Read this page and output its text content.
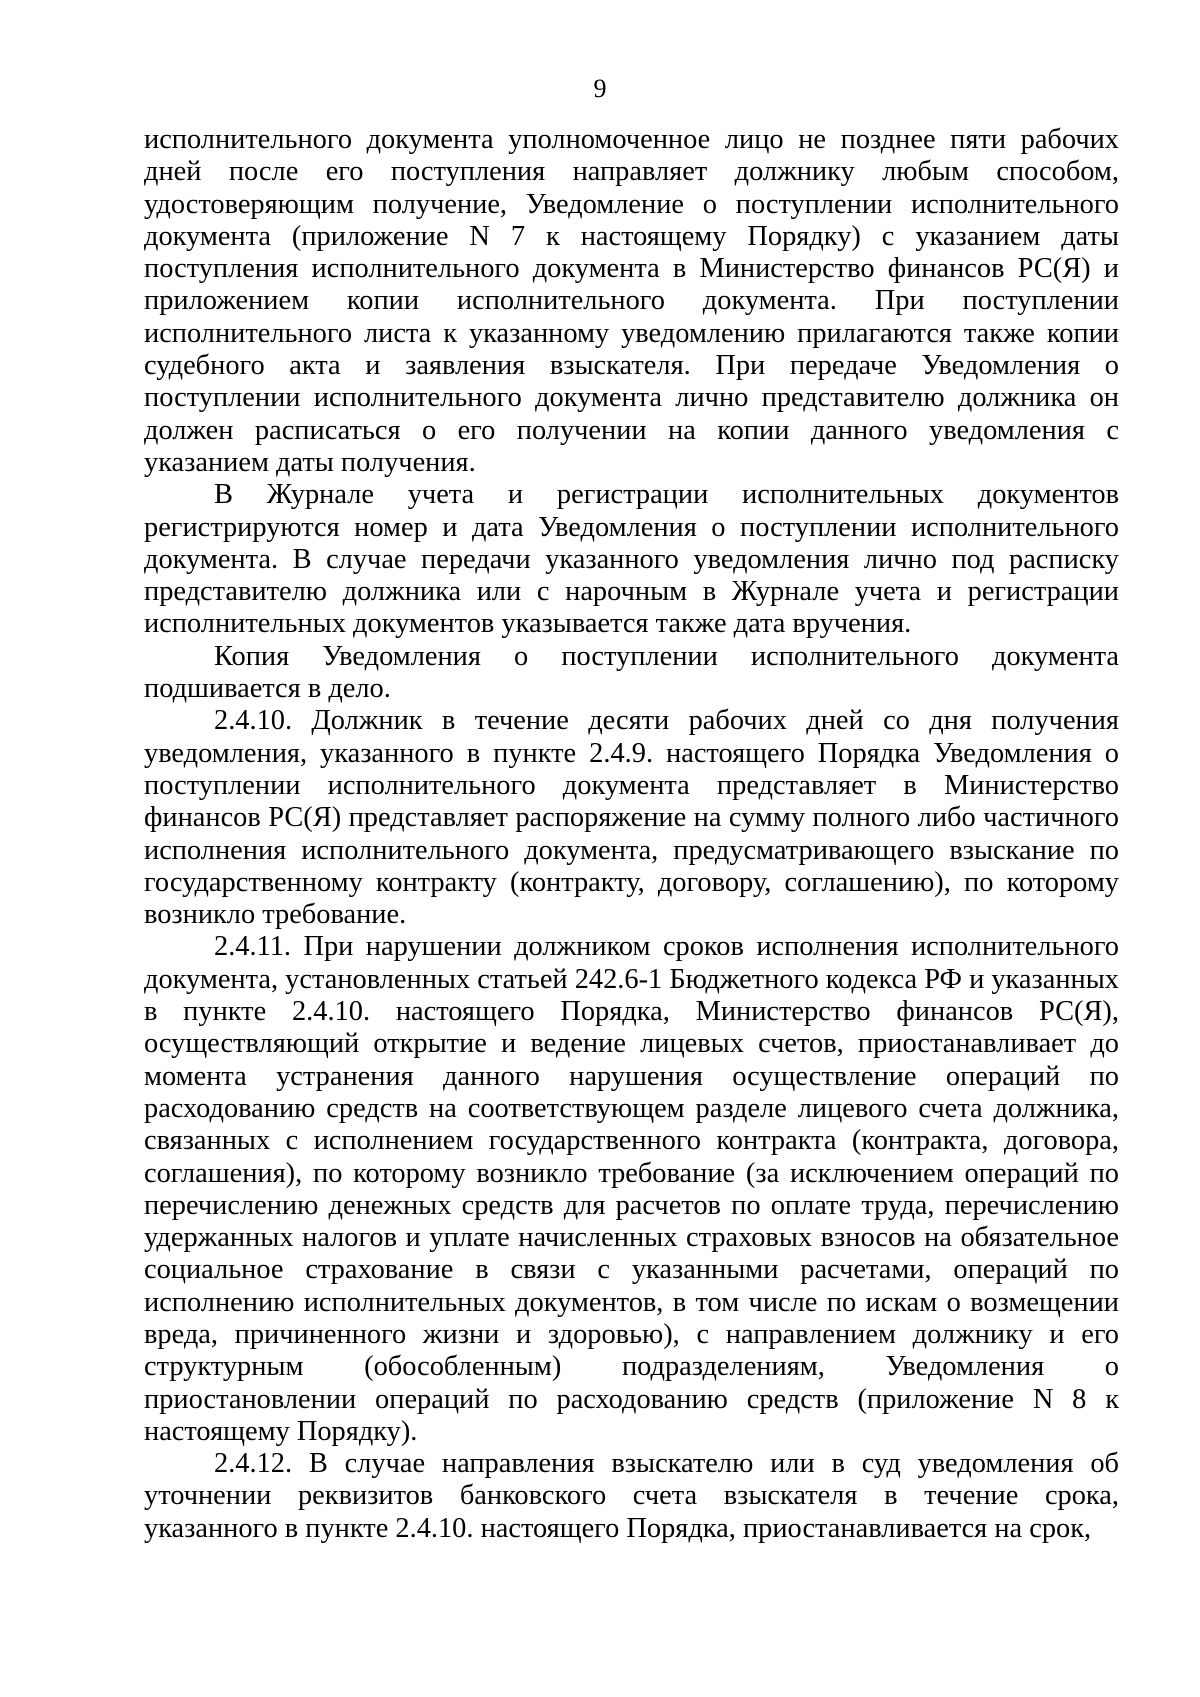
9

исполнительного документа уполномоченное лицо не позднее пяти рабочих дней после его поступления направляет должнику любым способом, удостоверяющим получение, Уведомление о поступлении исполнительного документа (приложение N 7 к настоящему Порядку) с указанием даты поступления исполнительного документа в Министерство финансов РС(Я) и приложением копии исполнительного документа. При поступлении исполнительного листа к указанному уведомлению прилагаются также копии судебного акта и заявления взыскателя. При передаче Уведомления о поступлении исполнительного документа лично представителю должника он должен расписаться о его получении на копии данного уведомления с указанием даты получения.

В Журнале учета и регистрации исполнительных документов регистрируются номер и дата Уведомления о поступлении исполнительного документа. В случае передачи указанного уведомления лично под расписку представителю должника или с нарочным в Журнале учета и регистрации исполнительных документов указывается также дата вручения.

Копия Уведомления о поступлении исполнительного документа подшивается в дело.

2.4.10. Должник в течение десяти рабочих дней со дня получения уведомления, указанного в пункте 2.4.9. настоящего Порядка Уведомления о поступлении исполнительного документа представляет в Министерство финансов РС(Я) представляет распоряжение на сумму полного либо частичного исполнения исполнительного документа, предусматривающего взыскание по государственному контракту (контракту, договору, соглашению), по которому возникло требование.

2.4.11. При нарушении должником сроков исполнения исполнительного документа, установленных статьей 242.6-1 Бюджетного кодекса РФ и указанных в пункте 2.4.10. настоящего Порядка, Министерство финансов РС(Я), осуществляющий открытие и ведение лицевых счетов, приостанавливает до момента устранения данного нарушения осуществление операций по расходованию средств на соответствующем разделе лицевого счета должника, связанных с исполнением государственного контракта (контракта, договора, соглашения), по которому возникло требование (за исключением операций по перечислению денежных средств для расчетов по оплате труда, перечислению удержанных налогов и уплате начисленных страховых взносов на обязательное социальное страхование в связи с указанными расчетами, операций по исполнению исполнительных документов, в том числе по искам о возмещении вреда, причиненного жизни и здоровью), с направлением должнику и его структурным (обособленным) подразделениям, Уведомления о приостановлении операций по расходованию средств (приложение N 8 к настоящему Порядку).

2.4.12. В случае направления взыскателю или в суд уведомления об уточнении реквизитов банковского счета взыскателя в течение срока, указанного в пункте 2.4.10. настоящего Порядка, приостанавливается на срок,
